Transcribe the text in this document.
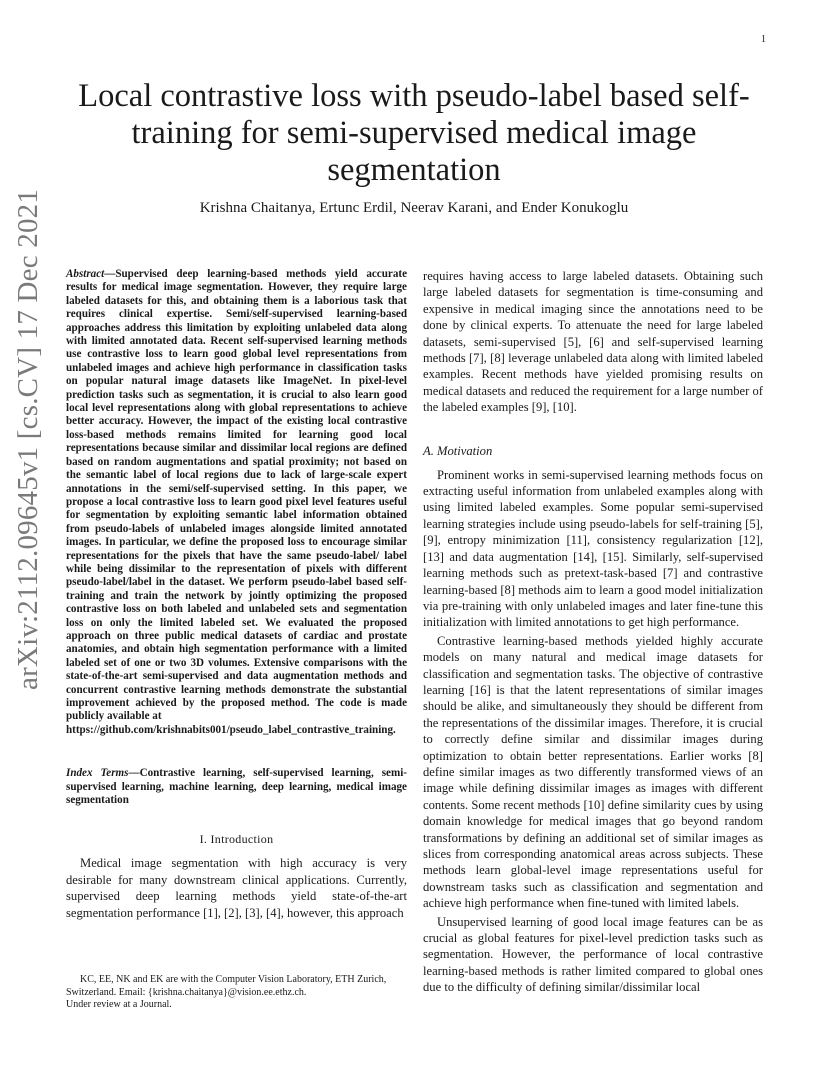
1
arXiv:2112.09645v1 [cs.CV] 17 Dec 2021
Local contrastive loss with pseudo-label based self-training for semi-supervised medical image segmentation
Krishna Chaitanya, Ertunc Erdil, Neerav Karani, and Ender Konukoglu
Abstract—Supervised deep learning-based methods yield accurate results for medical image segmentation. However, they require large labeled datasets for this, and obtaining them is a laborious task that requires clinical expertise. Semi/self-supervised learning-based approaches address this limitation by exploiting unlabeled data along with limited annotated data. Recent self-supervised learning methods use contrastive loss to learn good global level representations from unlabeled images and achieve high performance in classification tasks on popular natural image datasets like ImageNet. In pixel-level prediction tasks such as segmentation, it is crucial to also learn good local level representations along with global representations to achieve better accuracy. However, the impact of the existing local contrastive loss-based methods remains limited for learning good local representations because similar and dissimilar local regions are defined based on random augmentations and spatial proximity; not based on the semantic label of local regions due to lack of large-scale expert annotations in the semi/self-supervised setting. In this paper, we propose a local contrastive loss to learn good pixel level features useful for segmentation by exploiting semantic label information obtained from pseudo-labels of unlabeled images alongside limited annotated images. In particular, we define the proposed loss to encourage similar representations for the pixels that have the same pseudo-label/ label while being dissimilar to the representation of pixels with different pseudo-label/label in the dataset. We perform pseudo-label based self-training and train the network by jointly optimizing the proposed contrastive loss on both labeled and unlabeled sets and segmentation loss on only the limited labeled set. We evaluated the proposed approach on three public medical datasets of cardiac and prostate anatomies, and obtain high segmentation performance with a limited labeled set of one or two 3D volumes. Extensive comparisons with the state-of-the-art semi-supervised and data augmentation methods and concurrent contrastive learning methods demonstrate the substantial improvement achieved by the proposed method. The code is made publicly available at
https://github.com/krishnabits001/pseudo_label_contrastive_training.
Index Terms—Contrastive learning, self-supervised learning, semi-supervised learning, machine learning, deep learning, medical image segmentation
I. Introduction

Medical image segmentation with high accuracy is very desirable for many downstream clinical applications. Currently, supervised deep learning methods yield state-of-the-art segmentation performance [1], [2], [3], [4], however, this approach

KC, EE, NK and EK are with the Computer Vision Laboratory, ETH Zurich, Switzerland. Email: {krishna.chaitanya}@vision.ee.ethz.ch.

Under review at a Journal.

requires having access to large labeled datasets. Obtaining such large labeled datasets for segmentation is time-consuming and expensive in medical imaging since the annotations need to be done by clinical experts. To attenuate the need for large labeled datasets, semi-supervised [5], [6] and self-supervised learning methods [7], [8] leverage unlabeled data along with limited labeled examples. Recent methods have yielded promising results on medical datasets and reduced the requirement for a large number of the labeled examples [9], [10].

A. Motivation

Prominent works in semi-supervised learning methods focus on extracting useful information from unlabeled examples along with using limited labeled examples. Some popular semi-supervised learning strategies include using pseudo-labels for self-training [5], [9], entropy minimization [11], consistency regularization [12], [13] and data augmentation [14], [15]. Similarly, self-supervised learning methods such as pretext-task-based [7] and contrastive learning-based [8] methods aim to learn a good model initialization via pre-training with only unlabeled images and later fine-tune this initialization with limited annotations to get high performance.

Contrastive learning-based methods yielded highly accurate models on many natural and medical image datasets for classification and segmentation tasks. The objective of contrastive learning [16] is that the latent representations of similar images should be alike, and simultaneously they should be different from the representations of the dissimilar images. Therefore, it is crucial to correctly define similar and dissimilar images during optimization to obtain better representations. Earlier works [8] define similar images as two differently transformed views of an image while defining dissimilar images as images with different contents. Some recent methods [10] define similarity cues by using domain knowledge for medical images that go beyond random transformations by defining an additional set of similar images as slices from corresponding anatomical areas across subjects. These methods learn global-level image representations useful for downstream tasks such as classification and segmentation and achieve high performance when fine-tuned with limited labels.

Unsupervised learning of good local image features can be as crucial as global features for pixel-level prediction tasks such as segmentation. However, the performance of local contrastive learning-based methods is rather limited compared to global ones due to the difficulty of defining similar/dissimilar local
